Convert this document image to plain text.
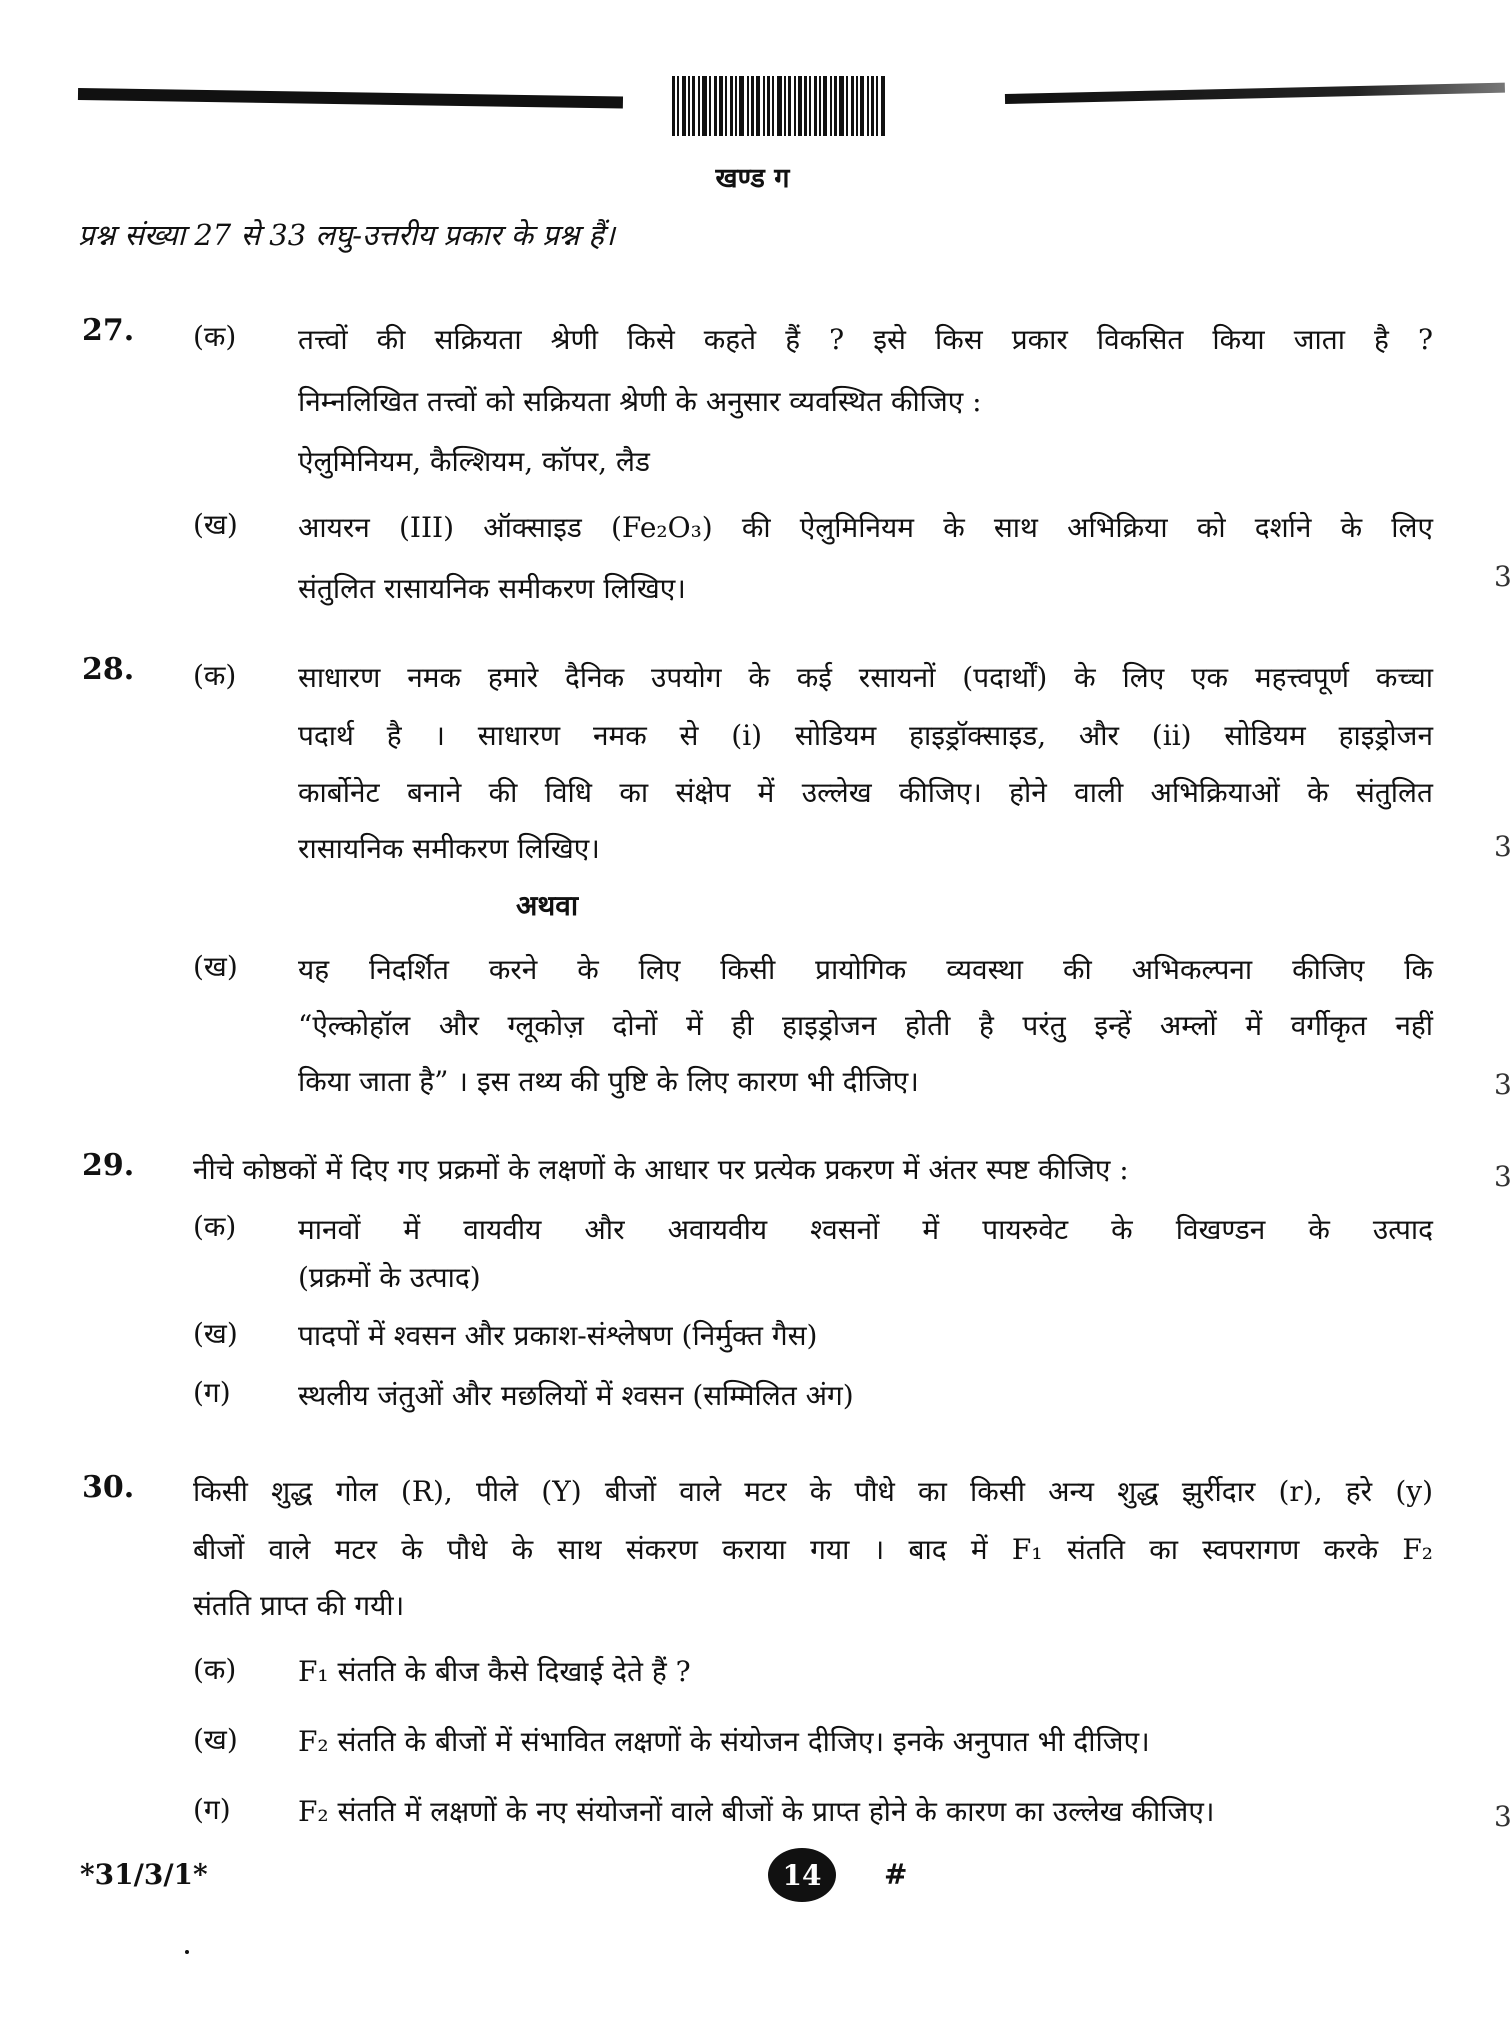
खण्ड ग
प्रश्न संख्या 27 से 33 लघु-उत्तरीय प्रकार के प्रश्न हैं।
27. (क) तत्त्वों की सक्रियता श्रेणी किसे कहते हैं ? इसे किस प्रकार विकसित किया जाता है ?
निम्नलिखित तत्त्वों को सक्रियता श्रेणी के अनुसार व्यवस्थित कीजिए :
ऐलुमिनियम, कैल्शियम, कॉपर, लैड
(ख) आयरन (III) ऑक्साइड (Fe₂O₃) की ऐलुमिनियम के साथ अभिक्रिया को दर्शाने के लिए
संतुलित रासायनिक समीकरण लिखिए।	3
28. (क) साधारण नमक हमारे दैनिक उपयोग के कई रसायनों (पदार्थों) के लिए एक महत्त्वपूर्ण कच्चा
पदार्थ है । साधारण नमक से (i) सोडियम हाइड्रॉक्साइड, और (ii) सोडियम हाइड्रोजन
कार्बोनेट बनाने की विधि का संक्षेप में उल्लेख कीजिए। होने वाली अभिक्रियाओं के संतुलित
रासायनिक समीकरण लिखिए।	3
अथवा
(ख) यह निदर्शित करने के लिए किसी प्रायोगिक व्यवस्था की अभिकल्पना कीजिए कि
“ऐल्कोहॉल और ग्लूकोज़ दोनों में ही हाइड्रोजन होती है परंतु इन्हें अम्लों में वर्गीकृत नहीं
किया जाता है” । इस तथ्य की पुष्टि के लिए कारण भी दीजिए।	3
29. नीचे कोष्ठकों में दिए गए प्रक्रमों के लक्षणों के आधार पर प्रत्येक प्रकरण में अंतर स्पष्ट कीजिए :	3
(क) मानवों में वायवीय और अवायवीय श्वसनों में पायरुवेट के विखण्डन के उत्पाद
(प्रक्रमों के उत्पाद)
(ख) पादपों में श्वसन और प्रकाश-संश्लेषण (निर्मुक्त गैस)
(ग) स्थलीय जंतुओं और मछलियों में श्वसन (सम्मिलित अंग)
30. किसी शुद्ध गोल (R), पीले (Y) बीजों वाले मटर के पौधे का किसी अन्य शुद्ध झुर्रीदार (r), हरे (y)
बीजों वाले मटर के पौधे के साथ संकरण कराया गया । बाद में F₁ संतति का स्वपरागण करके F₂
संतति प्राप्त की गयी।
(क) F₁ संतति के बीज कैसे दिखाई देते हैं ?
(ख) F₂ संतति के बीजों में संभावित लक्षणों के संयोजन दीजिए। इनके अनुपात भी दीजिए।
(ग) F₂ संतति में लक्षणों के नए संयोजनों वाले बीजों के प्राप्त होने के कारण का उल्लेख कीजिए।	3
*31/3/1*	14 #
